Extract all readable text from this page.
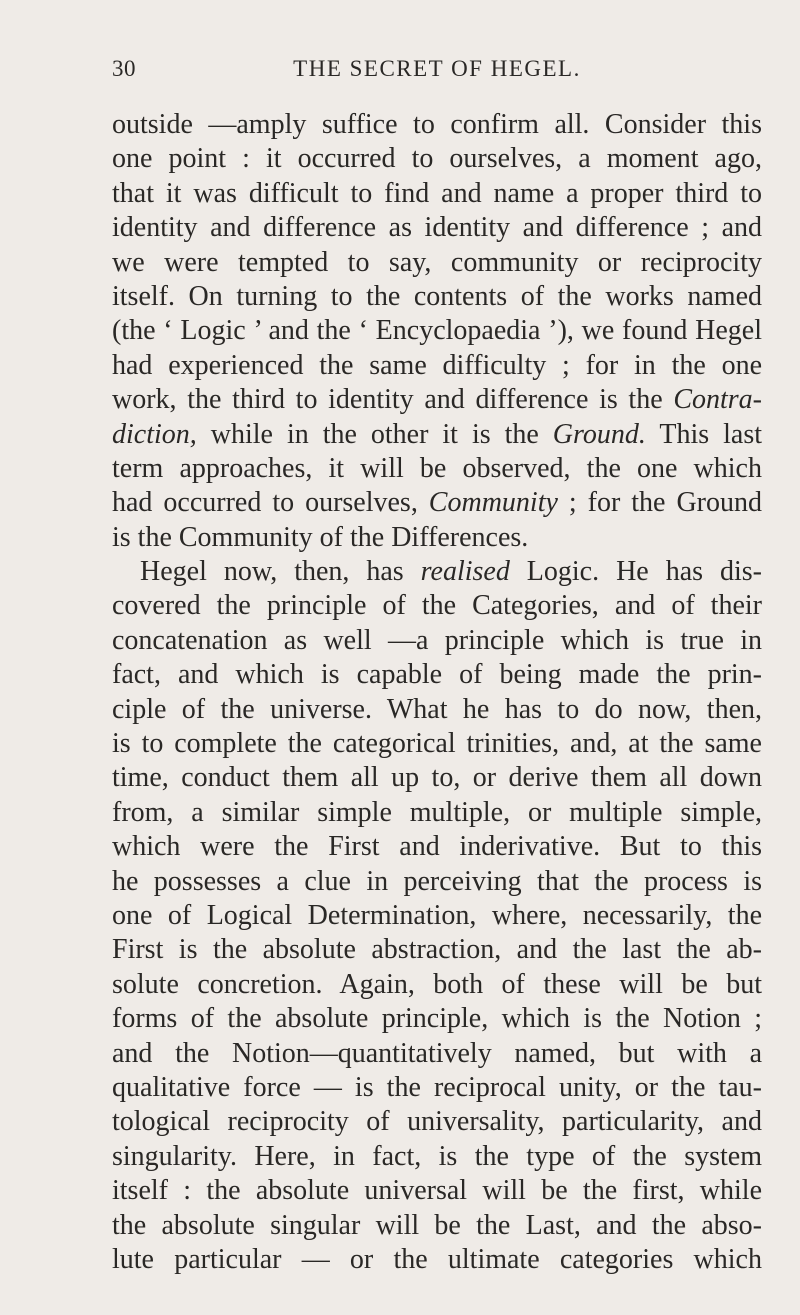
30	THE SECRET OF HEGEL.
outside —amply suffice to confirm all. Consider this
one point : it occurred to ourselves, a moment ago,
that it was difficult to find and name a proper third to
identity and difference as identity and difference ; and
we were tempted to say, community or reciprocity
itself. On turning to the contents of the works named
(the ‘ Logic ’ and the ‘ Encyclopaedia ’), we found Hegel
had experienced the same difficulty ; for in the one
work, the third to identity and difference is the Contra-
diction, while in the other it is the Ground. This last
term approaches, it will be observed, the one which
had occurred to ourselves, Community ; for the Ground
is the Community of the Differences.
Hegel now, then, has realised Logic. He has dis-
covered the principle of the Categories, and of their
concatenation as well —a principle which is true in
fact, and which is capable of being made the prin-
ciple of the universe. What he has to do now, then,
is to complete the categorical trinities, and, at the same
time, conduct them all up to, or derive them all down
from, a similar simple multiple, or multiple simple,
which were the First and inderivative. But to this
he possesses a clue in perceiving that the process is
one of Logical Determination, where, necessarily, the
First is the absolute abstraction, and the last the ab-
solute concretion. Again, both of these will be but
forms of the absolute principle, which is the Notion ;
and the Notion—quantitatively named, but with a
qualitative force — is the reciprocal unity, or the tau-
tological reciprocity of universality, particularity, and
singularity. Here, in fact, is the type of the system
itself : the absolute universal will be the first, while
the absolute singular will be the Last, and the abso-
lute particular — or the ultimate categories which
